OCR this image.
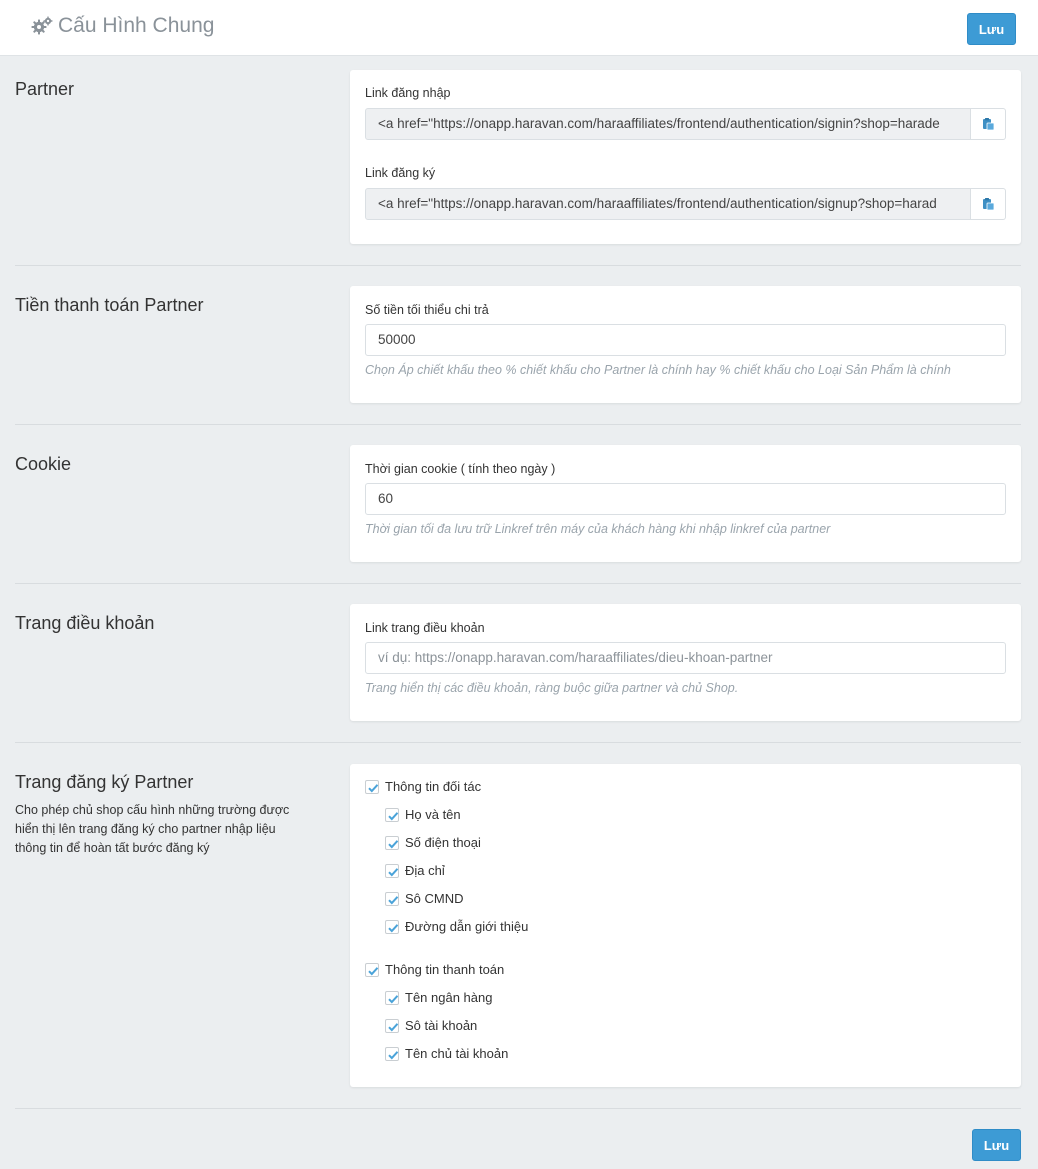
Cấu Hình Chung	Lưu
Partner	Link đăng nhập
<a href="https://onapp.haravan.com/haraaffiliates/frontend/authentication/signin?shop=harade
Link đăng ký
<a href="https://onapp.haravan.com/haraaffiliates/frontend/authentication/signup?shop=harad
Tiền thanh toán Partner	Số tiền tối thiểu chi trả
50000
Chọn Áp chiết khấu theo % chiết khấu cho Partner là chính hay % chiết khấu cho Loại Sản Phẩm là chính
Cookie	Thời gian cookie ( tính theo ngày )
60
Thời gian tối đa lưu trữ Linkref trên máy của khách hàng khi nhập linkref của partner
Trang điều khoản	Link trang điều khoản
ví dụ: https://onapp.haravan.com/haraaffiliates/dieu-khoan-partner
Trang hiển thị các điều khoản, ràng buộc giữa partner và chủ Shop.
Trang đăng ký Partner
Cho phép chủ shop cấu hình những trường được
hiển thị lên trang đăng ký cho partner nhập liệu
thông tin để hoàn tất bước đăng ký
Thông tin đối tác
Họ và tên
Số điện thoại
Địa chỉ
Sô CMND
Đường dẫn giới thiệu
Thông tin thanh toán
Tên ngân hàng
Sô tài khoản
Tên chủ tài khoản
Lưu
